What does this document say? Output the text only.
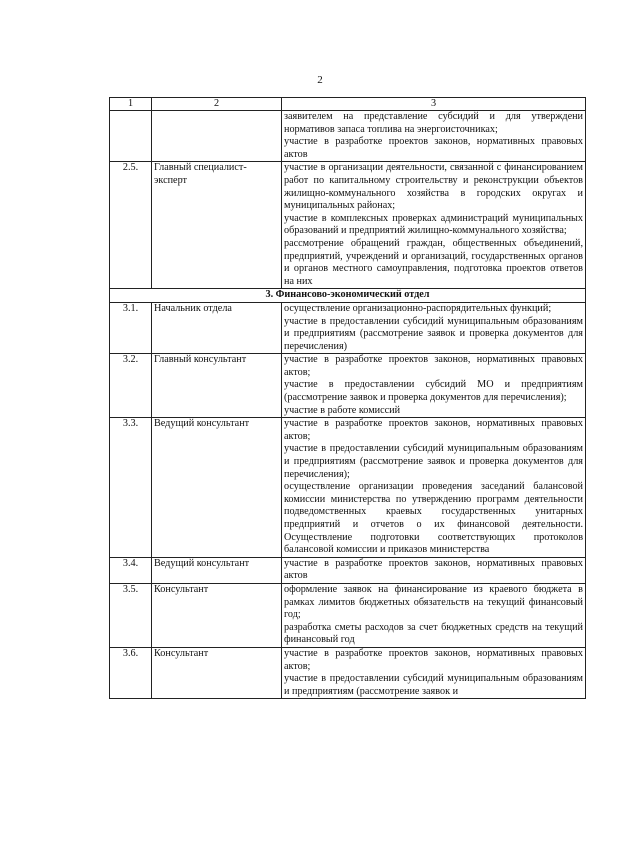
2
1	2	3

		заявителем на представление субсидий и для утверждени нормативов запаса топлива на энергоисточниках;
участие в разработке проектов законов, нормативных правовых актов

2.5.	Главный специалист-эксперт	участие в организации деятельности, связанной с финансированием работ по капитальному строительству и реконструкции объектов жилищно-коммунального хозяйства в городских округах и муниципальных районах;
участие в комплексных проверках администраций муниципальных образований и предприятий жилищно-коммунального хозяйства;
рассмотрение обращений граждан, общественных объединений, предприятий, учреждений и организаций, государственных органов и органов местного самоуправления, подготовка проектов ответов на них

3. Финансово-экономический отдел		
3.1.	Начальник отдела	осуществление организационно-распорядительных функций;
участие в предоставлении субсидий муниципальным образованиям и предприятиям (рассмотрение заявок и проверка документов для перечисления)

3.2.	Главный консультант	участие в разработке проектов законов, нормативных правовых актов;
участие в предоставлении субсидий МО и предприятиям (рассмотрение заявок и проверка документов для перечисления);
участие в работе комиссий

3.3.	Ведущий консультант	участие в разработке проектов законов, нормативных правовых актов;
участие в предоставлении субсидий муниципальным образованиям и предприятиям (рассмотрение заявок и проверка документов для перечисления);
осуществление организации проведения заседаний балансовой комиссии министерства по утверждению программ деятельности подведомственных краевых государственных унитарных предприятий и отчетов о их финансовой деятельности. Осуществление подготовки соответствующих протоколов балансовой комиссии и приказов министерства

3.4.	Ведущий консультант	участие в разработке проектов законов, нормативных правовых актов

3.5.	Консультант	оформление заявок на финансирование из краевого бюджета в рамках лимитов бюджетных обязательств на текущий финансовый год;
разработка сметы расходов за счет бюджетных средств на текущий финансовый год

3.6.	Консультант	участие в разработке проектов законов, нормативных правовых актов;
участие в предоставлении субсидий муниципальным образованиям и предприятиям (рассмотрение заявок и
